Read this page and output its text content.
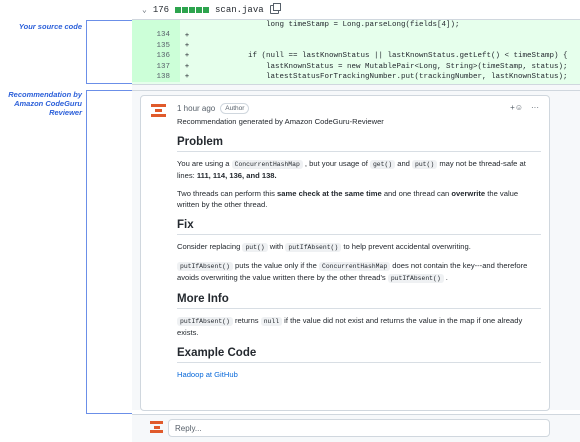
Your source code
Recommendation by Amazon CodeGuru Reviewer
⌄ 176	scan.java
long timeStamp = Long.parseLong(fields[4]);
134	+
135	+
136	+ if (null == lastKnownStatus || lastKnownStatus.getLeft() < timeStamp) {
137	+ lastKnownStatus = new MutablePair<Long, String>(timeStamp, status);
138	+ latestStatusForTrackingNumber.put(trackingNumber, lastKnownStatus);
1 hour ago	Author	+☺ ···

Recommendation generated by Amazon CodeGuru-Reviewer

Problem

You are using a ConcurrentHashMap , but your usage of get() and put() may not be thread-safe at lines: 111, 114, 136, and 138.

Two threads can perform this same check at the same time and one thread can overwrite the value written by the other thread.

Fix

Consider replacing put() with putIfAbsent() to help prevent accidental overwriting.

putIfAbsent() puts the value only if the ConcurrentHashMap does not contain the key---and therefore avoids overwriting the value written there by the other thread's putIfAbsent() .

More Info

putIfAbsent() returns null if the value did not exist and returns the value in the map if one already exists.

Example Code

Hadoop at GitHub

Reply...
